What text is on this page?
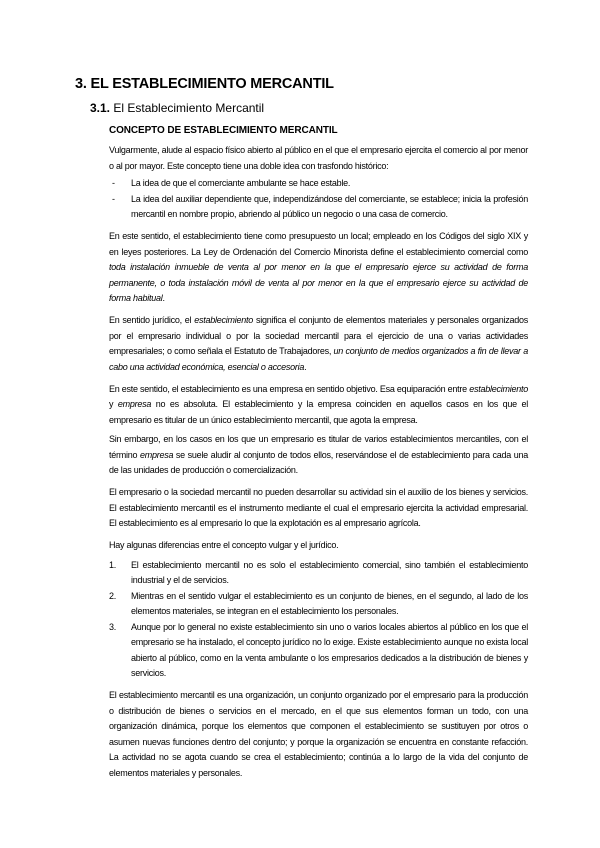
3. EL ESTABLECIMIENTO MERCANTIL
3.1. El Establecimiento Mercantil
CONCEPTO DE ESTABLECIMIENTO MERCANTIL

Vulgarmente, alude al espacio físico abierto al público en el que el empresario ejercita el comercio al por menor o al por mayor. Este concepto tiene una doble idea con trasfondo histórico:

- La idea de que el comerciante ambulante se hace estable.
- La idea del auxiliar dependiente que, independizándose del comerciante, se establece; inicia la profesión mercantil en nombre propio, abriendo al público un negocio o una casa de comercio.

En este sentido, el establecimiento tiene como presupuesto un local; empleado en los Códigos del siglo XIX y en leyes posteriores. La Ley de Ordenación del Comercio Minorista define el establecimiento comercial como toda instalación inmueble de venta al por menor en la que el empresario ejerce su actividad de forma permanente, o toda instalación móvil de venta al por menor en la que el empresario ejerce su actividad de forma habitual.

En sentido jurídico, el establecimiento significa el conjunto de elementos materiales y personales organizados por el empresario individual o por la sociedad mercantil para el ejercicio de una o varias actividades empresariales; o como señala el Estatuto de Trabajadores, un conjunto de medios organizados a fin de llevar a cabo una actividad económica, esencial o accesoria.

En este sentido, el establecimiento es una empresa en sentido objetivo. Esa equiparación entre establecimiento y empresa no es absoluta. El establecimiento y la empresa coinciden en aquellos casos en los que el empresario es titular de un único establecimiento mercantil, que agota la empresa.

Sin embargo, en los casos en los que un empresario es titular de varios establecimientos mercantiles, con el término empresa se suele aludir al conjunto de todos ellos, reservándose el de establecimiento para cada una de las unidades de producción o comercialización.

El empresario o la sociedad mercantil no pueden desarrollar su actividad sin el auxilio de los bienes y servicios. El establecimiento mercantil es el instrumento mediante el cual el empresario ejercita la actividad empresarial. El establecimiento es al empresario lo que la explotación es al empresario agrícola.

Hay algunas diferencias entre el concepto vulgar y el jurídico.

1. El establecimiento mercantil no es solo el establecimiento comercial, sino también el establecimiento industrial y el de servicios.
2. Mientras en el sentido vulgar el establecimiento es un conjunto de bienes, en el segundo, al lado de los elementos materiales, se integran en el establecimiento los personales.
3. Aunque por lo general no existe establecimiento sin uno o varios locales abiertos al público en los que el empresario se ha instalado, el concepto jurídico no lo exige. Existe establecimiento aunque no exista local abierto al público, como en la venta ambulante o los empresarios dedicados a la distribución de bienes y servicios.

El establecimiento mercantil es una organización, un conjunto organizado por el empresario para la producción o distribución de bienes o servicios en el mercado, en el que sus elementos forman un todo, con una organización dinámica, porque los elementos que componen el establecimiento se sustituyen por otros o asumen nuevas funciones dentro del conjunto; y porque la organización se encuentra en constante refacción. La actividad no se agota cuando se crea el establecimiento; continúa a lo largo de la vida del conjunto de elementos materiales y personales.
